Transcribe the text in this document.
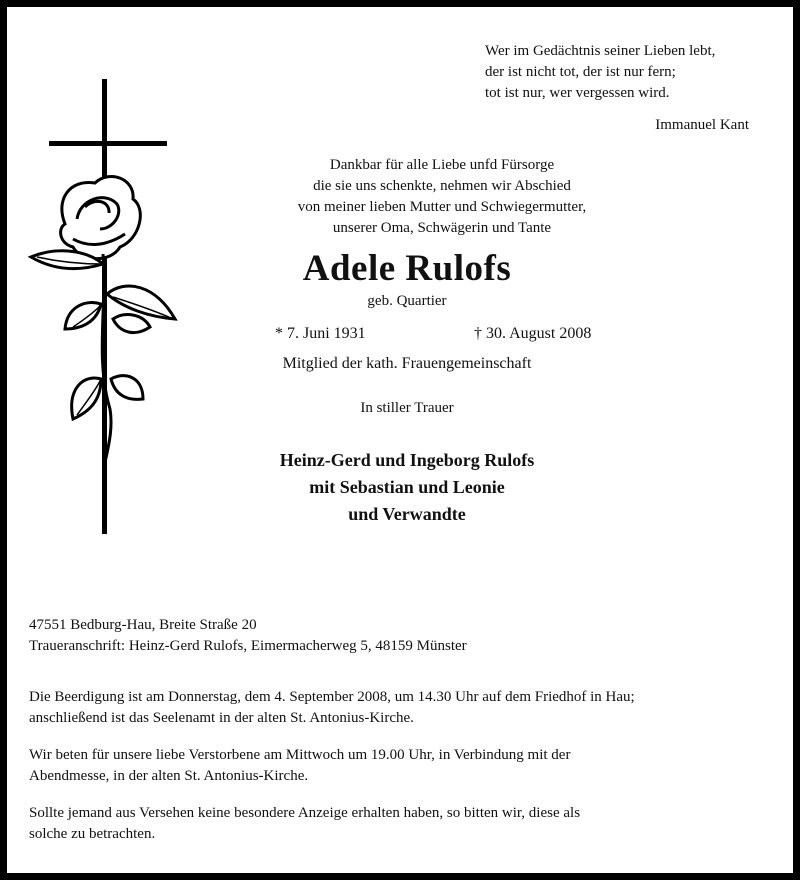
Wer im Gedächtnis seiner Lieben lebt,
der ist nicht tot, der ist nur fern;
tot ist nur, wer vergessen wird.
Immanuel Kant
Dankbar für alle Liebe unfd Fürsorge
die sie uns schenkte, nehmen wir Abschied
von meiner lieben Mutter und Schwiegermutter,
unserer Oma, Schwägerin und Tante
Adele Rulofs
geb. Quartier
* 7. Juni 1931	† 30. August 2008
Mitglied der kath. Frauengemeinschaft
In stiller Trauer
Heinz-Gerd und Ingeborg Rulofs
mit Sebastian und Leonie
und Verwandte
47551 Bedburg-Hau, Breite Straße 20
Traueranschrift: Heinz-Gerd Rulofs, Eimermacherweg 5, 48159 Münster
Die Beerdigung ist am Donnerstag, dem 4. September 2008, um 14.30 Uhr auf dem Friedhof in Hau;
anschließend ist das Seelenamt in der alten St. Antonius-Kirche.
Wir beten für unsere liebe Verstorbene am Mittwoch um 19.00 Uhr, in Verbindung mit der
Abendmesse, in der alten St. Antonius-Kirche.
Sollte jemand aus Versehen keine besondere Anzeige erhalten haben, so bitten wir, diese als
solche zu betrachten.
